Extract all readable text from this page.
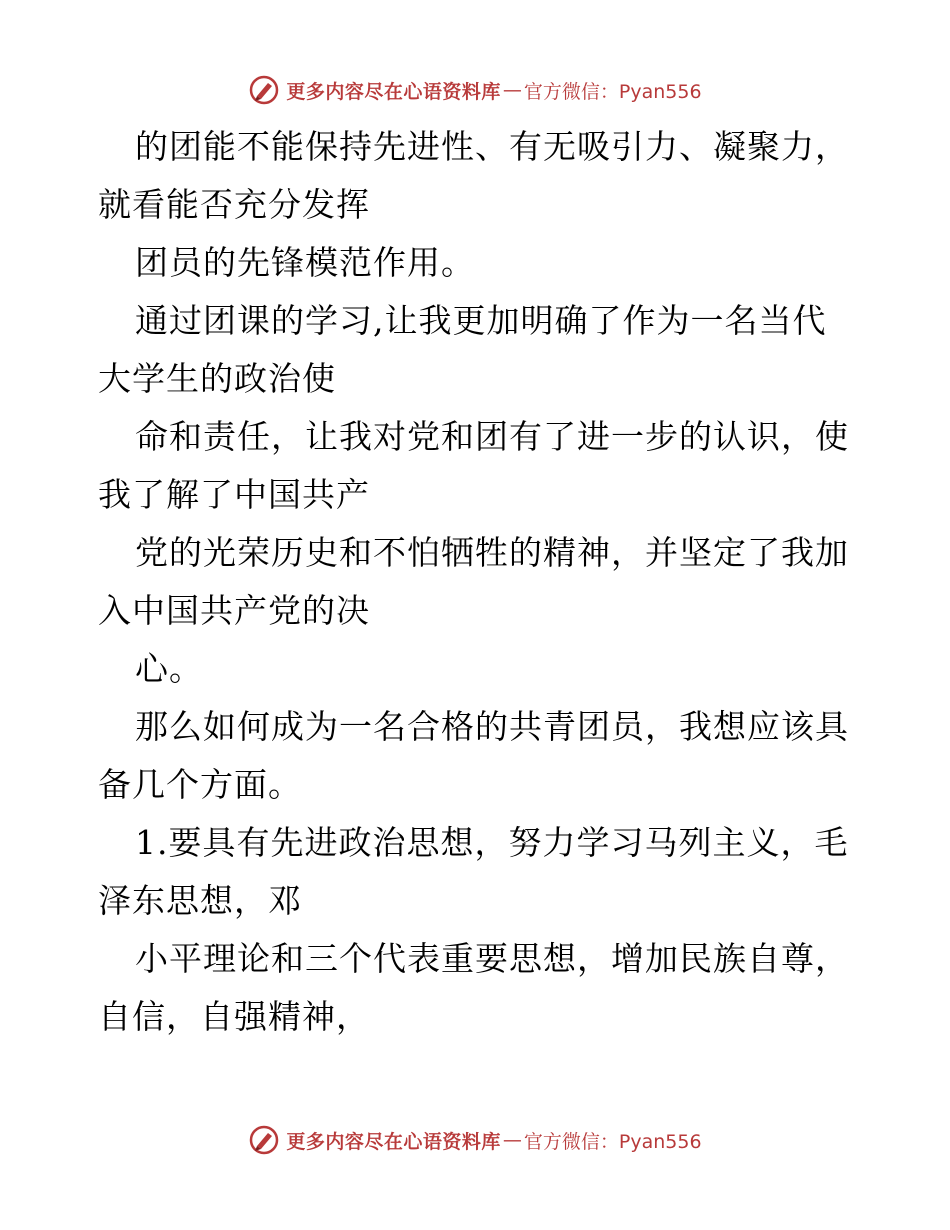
更多内容尽在心语资料库 — 官方微信：Pyan556
的团能不能保持先进性、有无吸引力、凝聚力，
就看能否充分发挥
团员的先锋模范作用。
通过团课的学习,让我更加明确了作为一名当代
大学生的政治使
命和责任，让我对党和团有了进一步的认识，使
我了解了中国共产
党的光荣历史和不怕牺牲的精神，并坚定了我加
入中国共产党的决
心。
那么如何成为一名合格的共青团员，我想应该具
备几个方面。
1.要具有先进政治思想，努力学习马列主义，毛
泽东思想，邓
小平理论和三个代表重要思想，增加民族自尊，
自信，自强精神，
更多内容尽在心语资料库 — 官方微信：Pyan556
